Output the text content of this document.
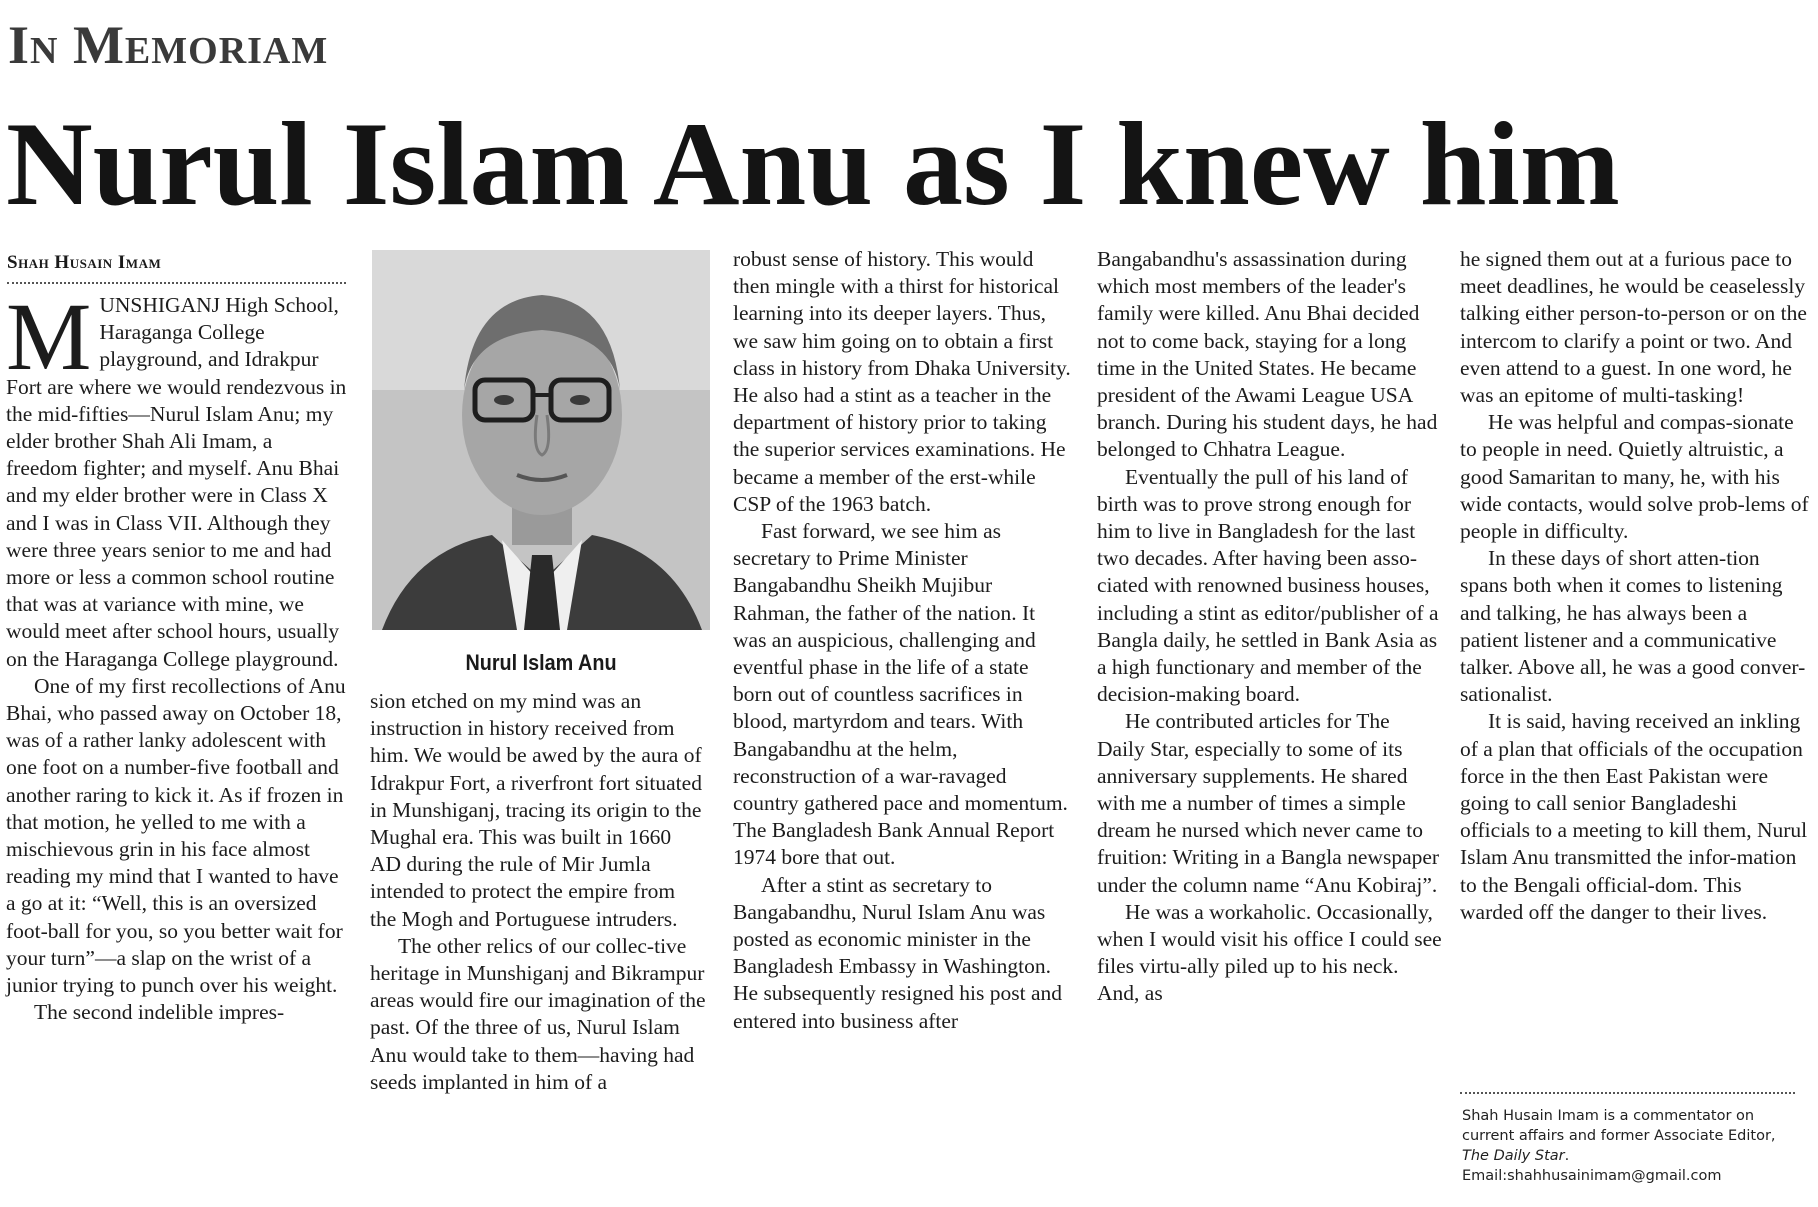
In Memoriam
Nurul Islam Anu as I knew him
Shah Husain Imam

MUNSHIGANJ High School, Haraganga College playground, and Idrakpur Fort are where we would rendezvous in the mid-fifties—Nurul Islam Anu; my elder brother Shah Ali Imam, a freedom fighter; and myself. Anu Bhai and my elder brother were in Class X and I was in Class VII. Although they were three years senior to me and had more or less a common school routine that was at variance with mine, we would meet after school hours, usually on the Haraganga College playground.

One of my first recollections of Anu Bhai, who passed away on October 18, was of a rather lanky adolescent with one foot on a number-five football and another raring to kick it. As if frozen in that motion, he yelled to me with a mischievous grin in his face almost reading my mind that I wanted to have a go at it: “Well, this is an oversized foot-ball for you, so you better wait for your turn”—a slap on the wrist of a junior trying to punch over his weight.

The second indelible impres-

Nurul Islam Anu

sion etched on my mind was an instruction in history received from him. We would be awed by the aura of Idrakpur Fort, a riverfront fort situated in Munshiganj, tracing its origin to the Mughal era. This was built in 1660 AD during the rule of Mir Jumla intended to protect the empire from the Mogh and Portuguese intruders.

The other relics of our collec-tive heritage in Munshiganj and Bikrampur areas would fire our imagination of the past. Of the three of us, Nurul Islam Anu would take to them—having had seeds implanted in him of a

robust sense of history. This would then mingle with a thirst for historical learning into its deeper layers. Thus, we saw him going on to obtain a first class in history from Dhaka University. He also had a stint as a teacher in the department of history prior to taking the superior services examinations. He became a member of the erst-while CSP of the 1963 batch.

Fast forward, we see him as secretary to Prime Minister Bangabandhu Sheikh Mujibur Rahman, the father of the nation. It was an auspicious, challenging and eventful phase in the life of a state born out of countless sacrifices in blood, martyrdom and tears. With Bangabandhu at the helm, reconstruction of a war-ravaged country gathered pace and momentum. The Bangladesh Bank Annual Report 1974 bore that out.

After a stint as secretary to Bangabandhu, Nurul Islam Anu was posted as economic minister in the Bangladesh Embassy in Washington. He subsequently resigned his post and entered into business after

Bangabandhu's assassination during which most members of the leader's family were killed. Anu Bhai decided not to come back, staying for a long time in the United States. He became president of the Awami League USA branch. During his student days, he had belonged to Chhatra League.

Eventually the pull of his land of birth was to prove strong enough for him to live in Bangladesh for the last two decades. After having been asso-ciated with renowned business houses, including a stint as editor/publisher of a Bangla daily, he settled in Bank Asia as a high functionary and member of the decision-making board.

He contributed articles for The Daily Star, especially to some of its anniversary supplements. He shared with me a number of times a simple dream he nursed which never came to fruition: Writing in a Bangla newspaper under the column name “Anu Kobiraj”.

He was a workaholic. Occasionally, when I would visit his office I could see files virtu-ally piled up to his neck. And, as

he signed them out at a furious pace to meet deadlines, he would be ceaselessly talking either person-to-person or on the intercom to clarify a point or two. And even attend to a guest. In one word, he was an epitome of multi-tasking!

He was helpful and compas-sionate to people in need. Quietly altruistic, a good Samaritan to many, he, with his wide contacts, would solve prob-lems of people in difficulty.

In these days of short atten-tion spans both when it comes to listening and talking, he has always been a patient listener and a communicative talker. Above all, he was a good conver-sationalist.

It is said, having received an inkling of a plan that officials of the occupation force in the then East Pakistan were going to call senior Bangladeshi officials to a meeting to kill them, Nurul Islam Anu transmitted the infor-mation to the Bengali official-dom. This warded off the danger to their lives.

Shah Husain Imam is a commentator on current affairs and former Associate Editor, The Daily Star.
Email:shahhusainimam@gmail.com
